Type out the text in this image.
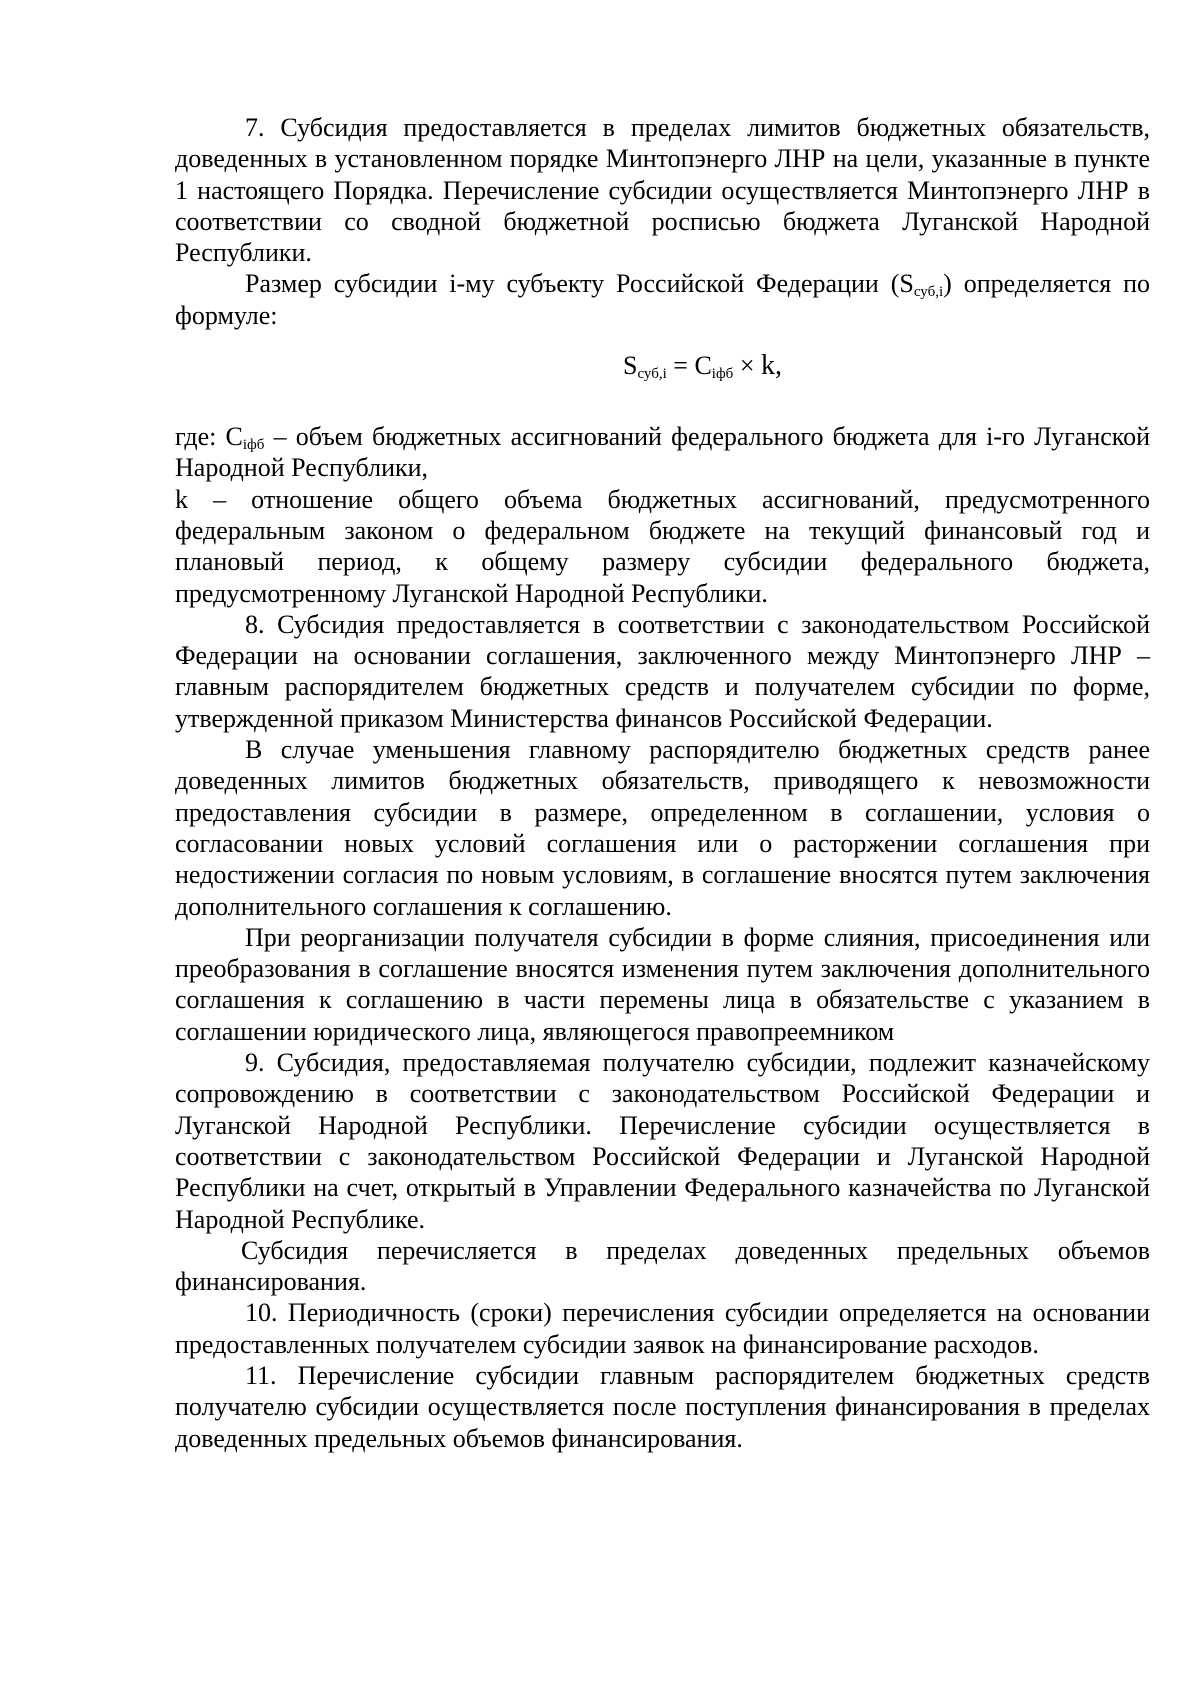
7. Субсидия предоставляется в пределах лимитов бюджетных обязательств, доведенных в установленном порядке Минтопэнерго ЛНР на цели, указанные в пункте 1 настоящего Порядка. Перечисление субсидии осуществляется Минтопэнерго ЛНР в соответствии со сводной бюджетной росписью бюджета Луганской Народной Республики.

Размер субсидии i-му субъекту Российской Федерации $(S_{суб,i})$ определяется по формуле:

$S_{суб,i} = C_{iфб} \times k$,

где: $C_{iфб}$ – объем бюджетных ассигнований федерального бюджета для i-го Луганской Народной Республики,

k – отношение общего объема бюджетных ассигнований, предусмотренного федеральным законом о федеральном бюджете на текущий финансовый год и плановый период, к общему размеру субсидии федерального бюджета, предусмотренному Луганской Народной Республики.

8. Субсидия предоставляется в соответствии с законодательством Российской Федерации на основании соглашения, заключенного между Минтопэнерго ЛНР – главным распорядителем бюджетных средств и получателем субсидии по форме, утвержденной приказом Министерства финансов Российской Федерации.

В случае уменьшения главному распорядителю бюджетных средств ранее доведенных лимитов бюджетных обязательств, приводящего к невозможности предоставления субсидии в размере, определенном в соглашении, условия о согласовании новых условий соглашения или о расторжении соглашения при недостижении согласия по новым условиям, в соглашение вносятся путем заключения дополнительного соглашения к соглашению.

При реорганизации получателя субсидии в форме слияния, присоединения или преобразования в соглашение вносятся изменения путем заключения дополнительного соглашения к соглашению в части перемены лица в обязательстве с указанием в соглашении юридического лица, являющегося правопреемником

9. Субсидия, предоставляемая получателю субсидии, подлежит казначейскому сопровождению в соответствии с законодательством Российской Федерации и Луганской Народной Республики. Перечисление субсидии осуществляется в соответствии с законодательством Российской Федерации и Луганской Народной Республики на счет, открытый в Управлении Федерального казначейства по Луганской Народной Республике.

Субсидия перечисляется в пределах доведенных предельных объемов финансирования.

10. Периодичность (сроки) перечисления субсидии определяется на основании предоставленных получателем субсидии заявок на финансирование расходов.

11. Перечисление субсидии главным распорядителем бюджетных средств получателю субсидии осуществляется после поступления финансирования в пределах доведенных предельных объемов финансирования.
